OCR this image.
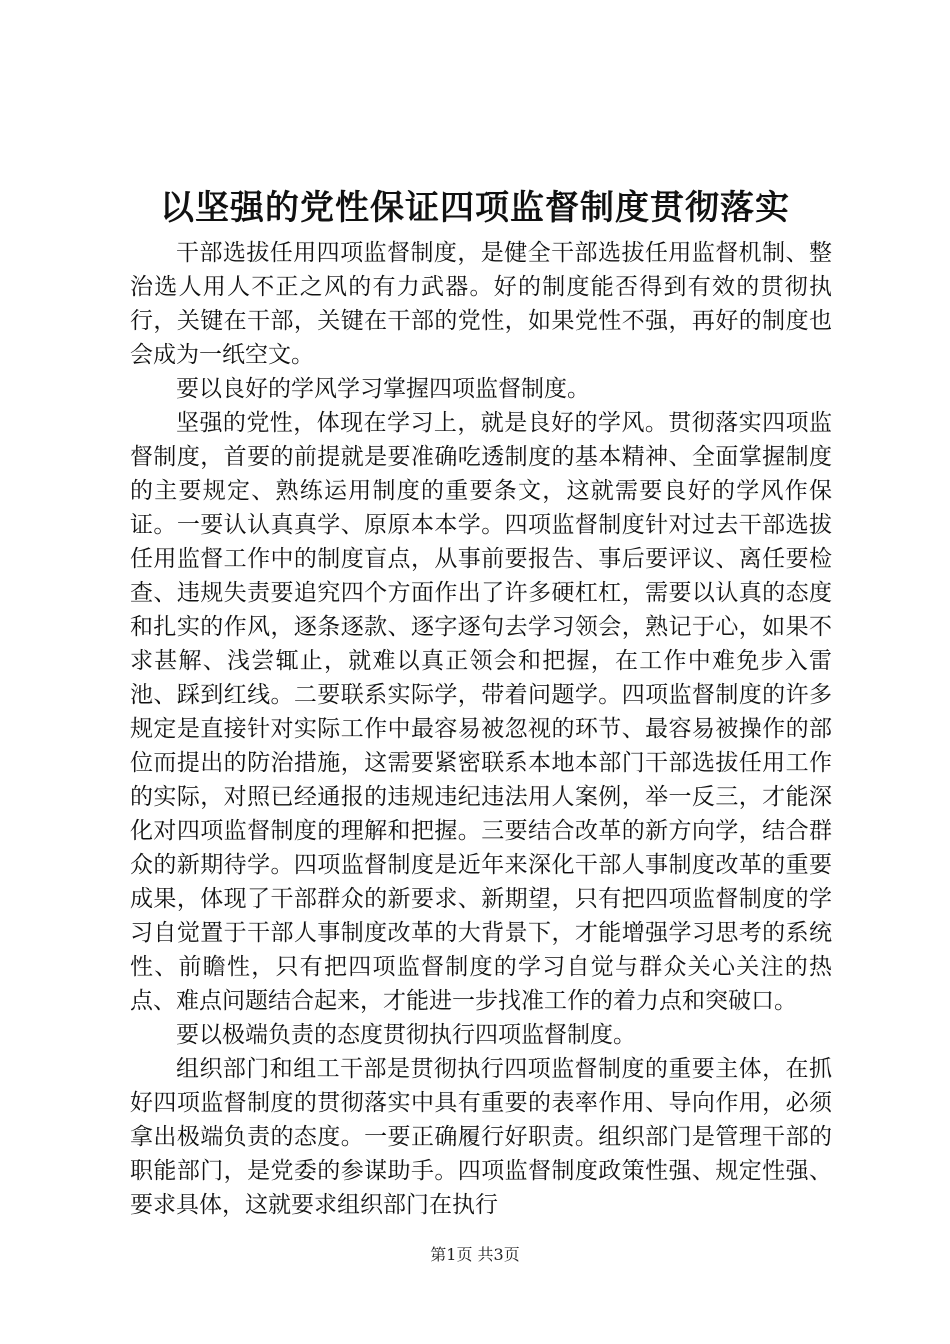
以坚强的党性保证四项监督制度贯彻落实

干部选拔任用四项监督制度，是健全干部选拔任用监督机制、整治选人用人不正之风的有力武器。好的制度能否得到有效的贯彻执行，关键在干部，关键在干部的党性，如果党性不强，再好的制度也会成为一纸空文。

要以良好的学风学习掌握四项监督制度。

坚强的党性，体现在学习上，就是良好的学风。贯彻落实四项监督制度，首要的前提就是要准确吃透制度的基本精神、全面掌握制度的主要规定、熟练运用制度的重要条文，这就需要良好的学风作保证。一要认认真真学、原原本本学。四项监督制度针对过去干部选拔任用监督工作中的制度盲点，从事前要报告、事后要评议、离任要检查、违规失责要追究四个方面作出了许多硬杠杠，需要以认真的态度和扎实的作风，逐条逐款、逐字逐句去学习领会，熟记于心，如果不求甚解、浅尝辄止，就难以真正领会和把握，在工作中难免步入雷池、踩到红线。二要联系实际学，带着问题学。四项监督制度的许多规定是直接针对实际工作中最容易被忽视的环节、最容易被操作的部位而提出的防治措施，这需要紧密联系本地本部门干部选拔任用工作的实际，对照已经通报的违规违纪违法用人案例，举一反三，才能深化对四项监督制度的理解和把握。三要结合改革的新方向学，结合群众的新期待学。四项监督制度是近年来深化干部人事制度改革的重要成果，体现了干部群众的新要求、新期望，只有把四项监督制度的学习自觉置于干部人事制度改革的大背景下，才能增强学习思考的系统性、前瞻性，只有把四项监督制度的学习自觉与群众关心关注的热点、难点问题结合起来，才能进一步找准工作的着力点和突破口。

要以极端负责的态度贯彻执行四项监督制度。

组织部门和组工干部是贯彻执行四项监督制度的重要主体，在抓好四项监督制度的贯彻落实中具有重要的表率作用、导向作用，必须拿出极端负责的态度。一要正确履行好职责。组织部门是管理干部的职能部门，是党委的参谋助手。四项监督制度政策性强、规定性强、要求具体，这就要求组织部门在执行

第1页 共3页
